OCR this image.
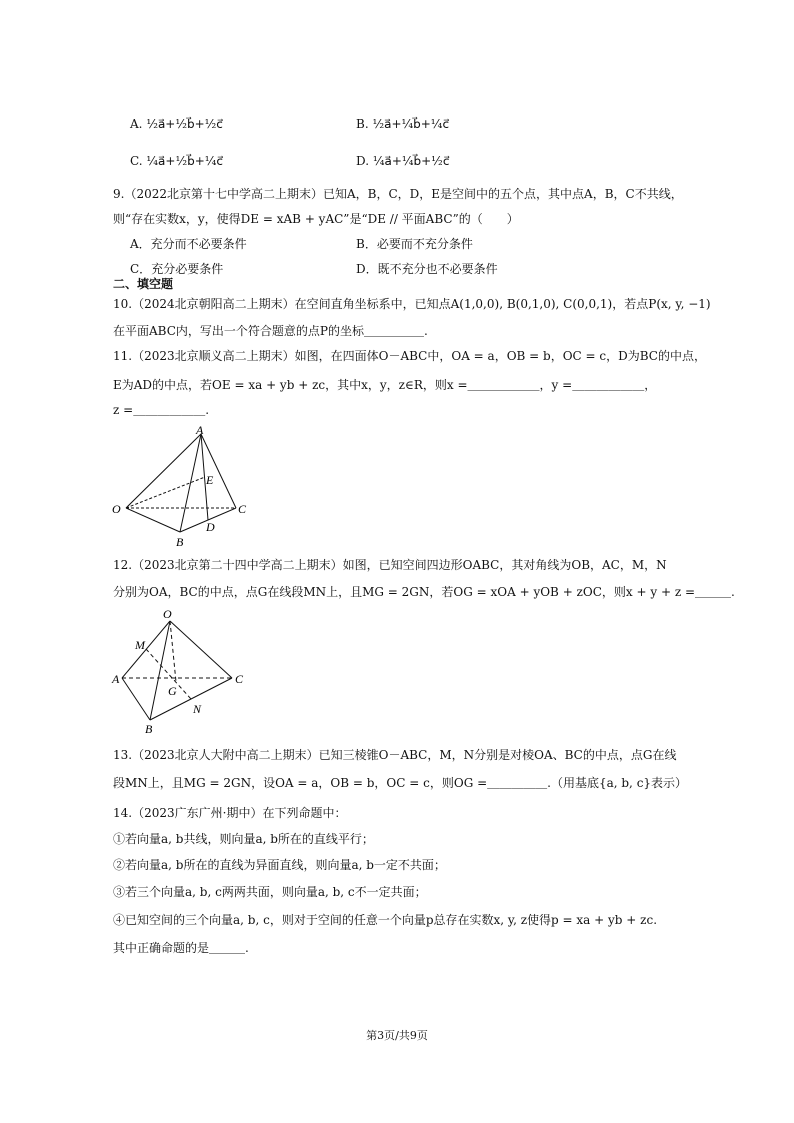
A. ½a⃗+½b⃗+½c⃗	B. ½a⃗+¼b⃗+¼c⃗
C. ¼a⃗+½b⃗+¼c⃗	D. ¼a⃗+¼b⃗+½c⃗
9.（2022北京第十七中学高二上期末）已知A，B，C，D，E是空间中的五个点，其中点A，B，C不共线，
则“存在实数x，y，使得DE = xAB + yAC”是“DE // 平面ABC”的（　　）
A．充分而不必要条件	B．必要而不充分条件
C．充分必要条件	D．既不充分也不必要条件
二、填空题
10.（2024北京朝阳高二上期末）在空间直角坐标系中，已知点A(1,0,0), B(0,1,0), C(0,0,1)，若点P(x, y, −1)
在平面ABC内，写出一个符合题意的点P的坐标＿＿＿＿＿.
11.（2023北京顺义高二上期末）如图，在四面体O－ABC中，OA = a，OB = b，OC = c，D为BC的中点，
E为AD的中点，若OE = xa + yb + zc，其中x，y，z∈R，则x =＿＿＿＿＿＿，y =＿＿＿＿＿＿，
z =＿＿＿＿＿＿.
A
E
O	C
D
B
12.（2023北京第二十四中学高二上期末）如图，已知空间四边形OABC，其对角线为OB，AC，M，N
分别为OA，BC的中点，点G在线段MN上，且MG = 2GN，若OG = xOA + yOB + zOC，则x + y + z =＿＿＿.
O
M
A
G
C
N
B
13.（2023北京人大附中高二上期末）已知三棱锥O－ABC，M，N分别是对棱OA、BC的中点，点G在线
段MN上，且MG = 2GN，设OA = a，OB = b，OC = c，则OG =＿＿＿＿＿.（用基底{a, b, c}表示）
14.（2023广东广州·期中）在下列命题中：
①若向量a, b共线，则向量a, b所在的直线平行；
②若向量a, b所在的直线为异面直线，则向量a, b一定不共面；
③若三个向量a, b, c两两共面，则向量a, b, c不一定共面；
④已知空间的三个向量a, b, c，则对于空间的任意一个向量p总存在实数x, y, z使得p = xa + yb + zc.
其中正确命题的是＿＿＿.
第3页/共9页
